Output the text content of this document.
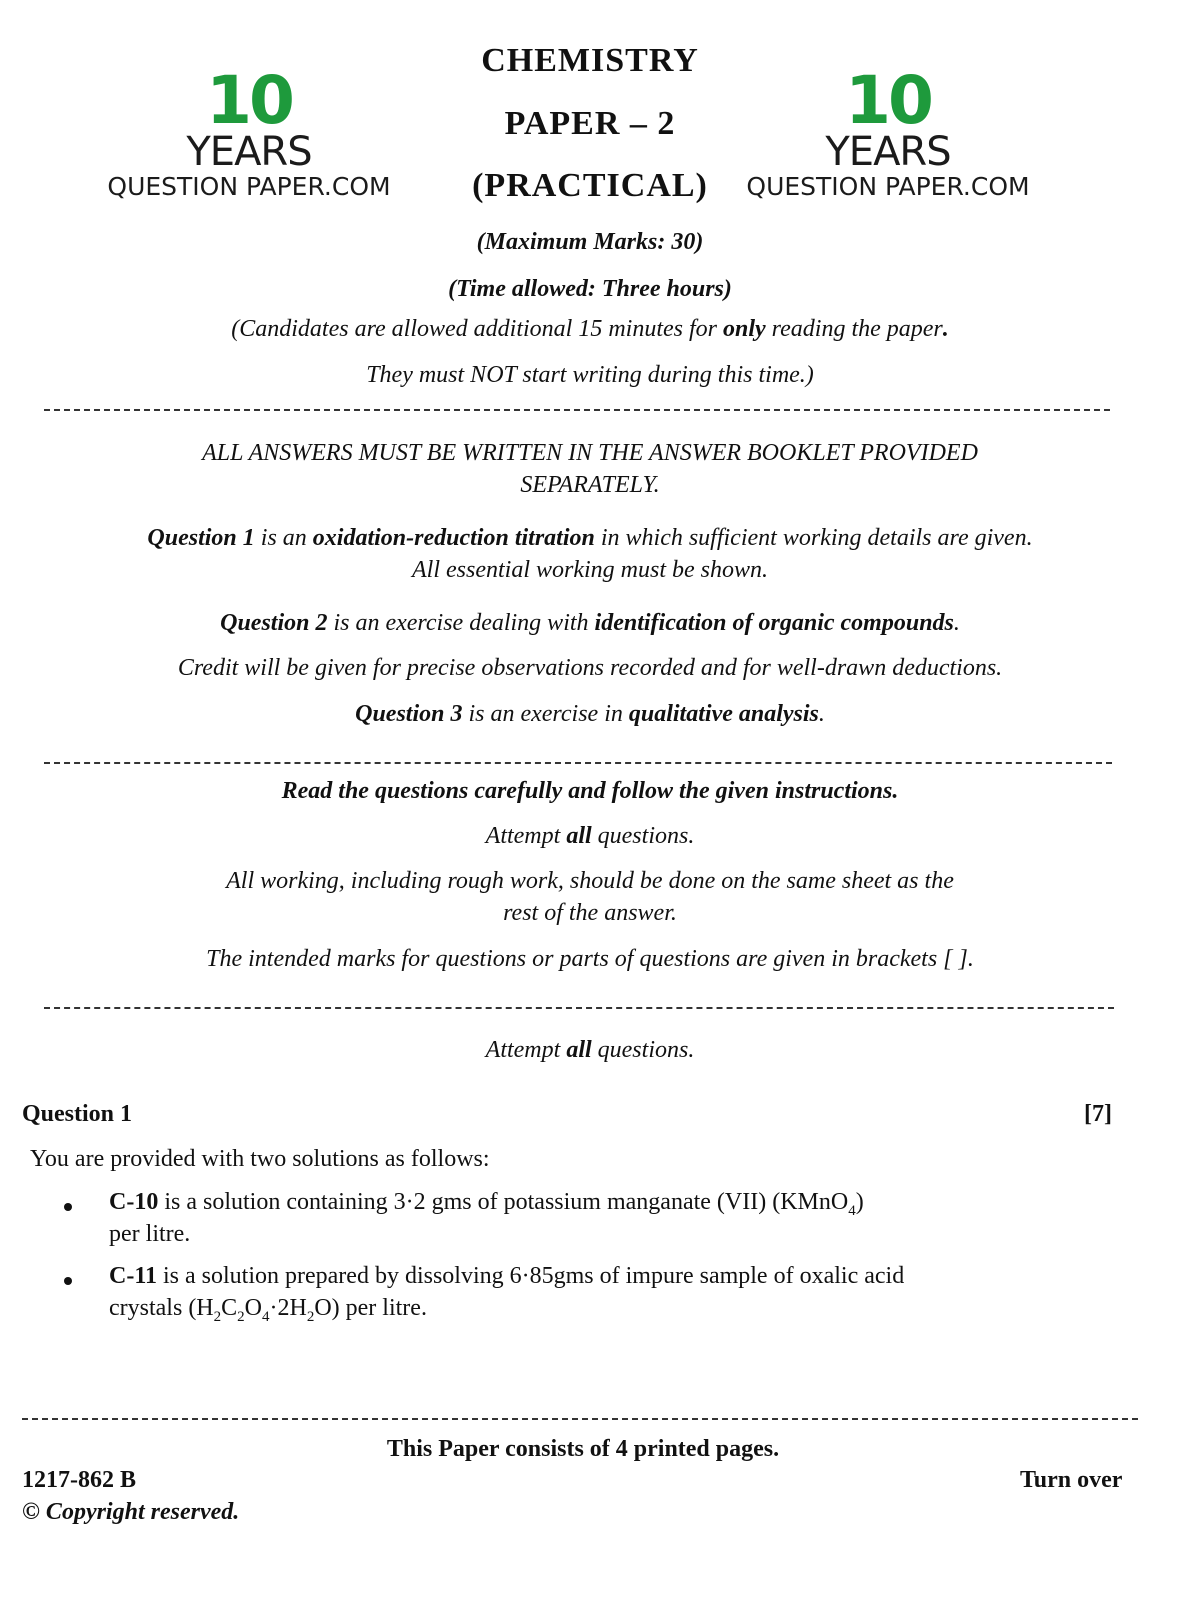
10
YEARS
QUESTION PAPER.COM
10
YEARS
QUESTION PAPER.COM
CHEMISTRY
PAPER – 2
(PRACTICAL)
(Maximum Marks: 30)
(Time allowed: Three hours)
(Candidates are allowed additional 15 minutes for only reading the paper.
They must NOT start writing during this time.)
ALL ANSWERS MUST BE WRITTEN IN THE ANSWER BOOKLET PROVIDED
SEPARATELY.
Question 1 is an oxidation-reduction titration in which sufficient working details are given.
All essential working must be shown.
Question 2 is an exercise dealing with identification of organic compounds.
Credit will be given for precise observations recorded and for well-drawn deductions.
Question 3 is an exercise in qualitative analysis.
Read the questions carefully and follow the given instructions.
Attempt all questions.
All working, including rough work, should be done on the same sheet as the
rest of the answer.
The intended marks for questions or parts of questions are given in brackets [ ].
Attempt all questions.
Question 1	[7]
You are provided with two solutions as follows:
C-10 is a solution containing 3·2 gms of potassium manganate (VII) (KMnO$_4$)
per litre.
C-11 is a solution prepared by dissolving 6·85gms of impure sample of oxalic acid
crystals $(H_2C_2O_4\cdot 2H_2O)$ per litre.
This Paper consists of 4 printed pages.
1217-862 B
© Copyright reserved.
Turn over
